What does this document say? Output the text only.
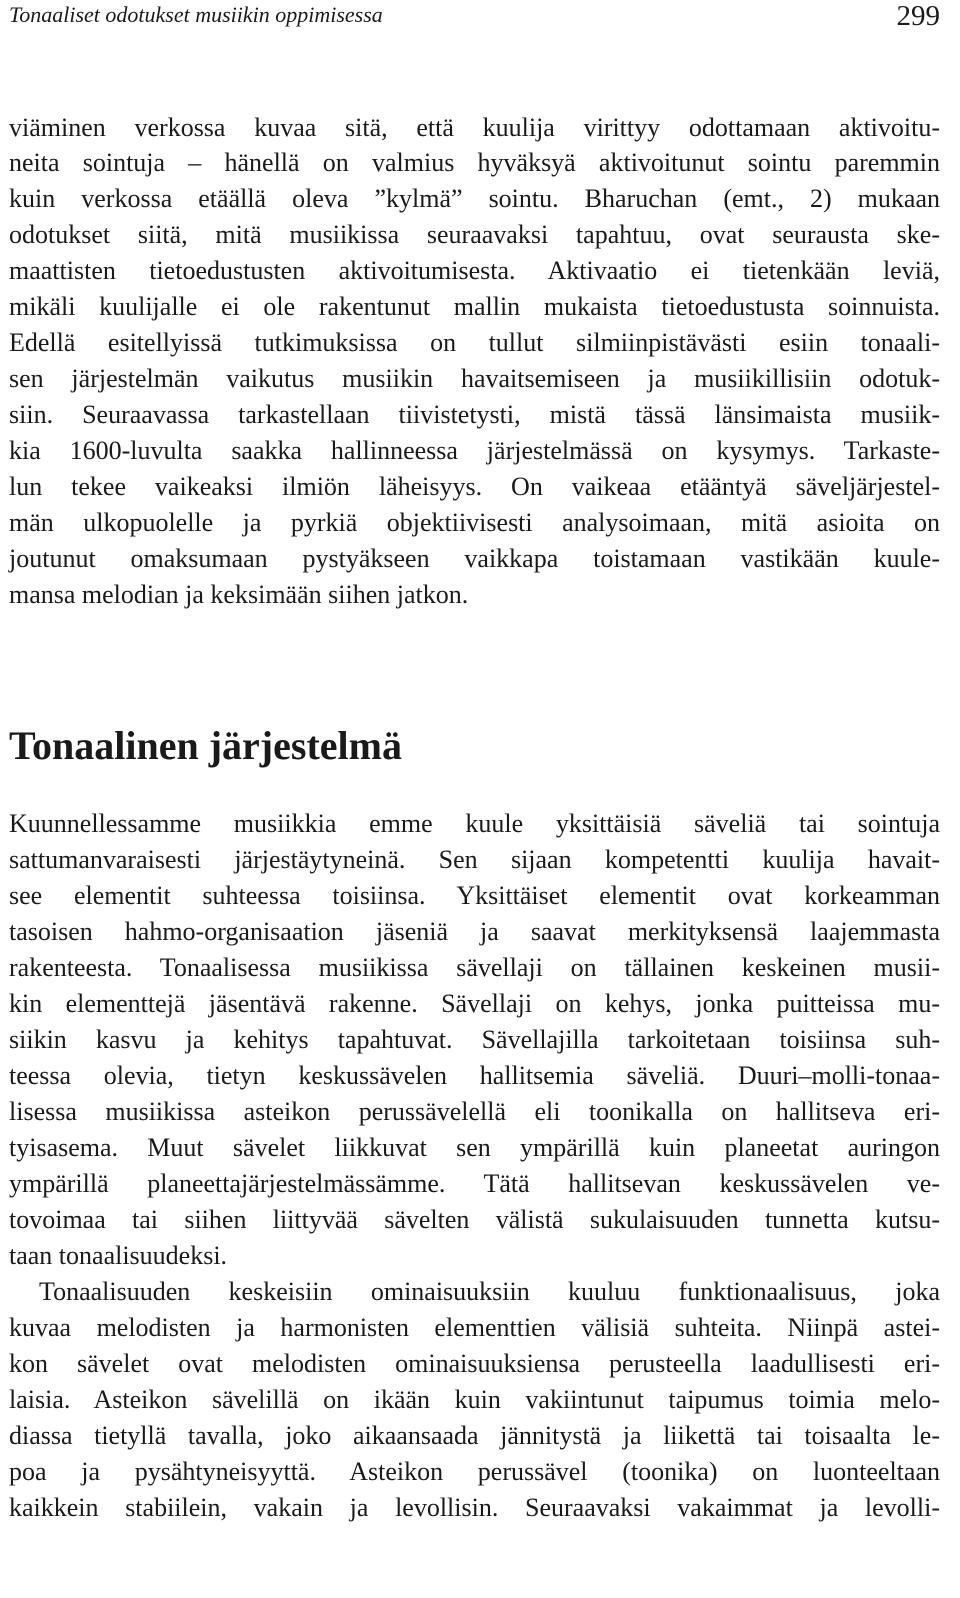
Tonaaliset odotukset musiikin oppimisessa	299
viäminen verkossa kuvaa sitä, että kuulija virittyy odottamaan aktivoitu-
neita sointuja – hänellä on valmius hyväksyä aktivoitunut sointu paremmin
kuin verkossa etäällä oleva ”kylmä” sointu. Bharuchan (emt., 2) mukaan
odotukset siitä, mitä musiikissa seuraavaksi tapahtuu, ovat seurausta ske-
maattisten tietoedustusten aktivoitumisesta. Aktivaatio ei tietenkään leviä,
mikäli kuulijalle ei ole rakentunut mallin mukaista tietoedustusta soinnuista.
Edellä esitellyissä tutkimuksissa on tullut silmiinpistävästi esiin tonaali-
sen järjestelmän vaikutus musiikin havaitsemiseen ja musiikillisiin odotuk-
siin. Seuraavassa tarkastellaan tiivistetysti, mistä tässä länsimaista musiik-
kia 1600-luvulta saakka hallinneessa järjestelmässä on kysymys. Tarkaste-
lun tekee vaikeaksi ilmiön läheisyys. On vaikeaa etääntyä säveljärjestel-
män ulkopuolelle ja pyrkiä objektiivisesti analysoimaan, mitä asioita on
joutunut omaksumaan pystyäkseen vaikkapa toistamaan vastikään kuule-
mansa melodian ja keksimään siihen jatkon.
Tonaalinen järjestelmä
Kuunnellessamme musiikkia emme kuule yksittäisiä säveliä tai sointuja
sattumanvaraisesti järjestäytyneinä. Sen sijaan kompetentti kuulija havait-
see elementit suhteessa toisiinsa. Yksittäiset elementit ovat korkeamman
tasoisen hahmo-organisaation jäseniä ja saavat merkityksensä laajemmasta
rakenteesta. Tonaalisessa musiikissa sävellaji on tällainen keskeinen musii-
kin elementtejä jäsentävä rakenne. Sävellaji on kehys, jonka puitteissa mu-
siikin kasvu ja kehitys tapahtuvat. Sävellajilla tarkoitetaan toisiinsa suh-
teessa olevia, tietyn keskussävelen hallitsemia säveliä. Duuri–molli-tonaa-
lisessa musiikissa asteikon perussävelellä eli toonikalla on hallitseva eri-
tyisasema. Muut sävelet liikkuvat sen ympärillä kuin planeetat auringon
ympärillä planeettajärjestelmässämme. Tätä hallitsevan keskussävelen ve-
tovoimaa tai siihen liittyvää sävelten välistä sukulaisuuden tunnetta kutsu-
taan tonaalisuudeksi.
Tonaalisuuden keskeisiin ominaisuuksiin kuuluu funktionaalisuus, joka
kuvaa melodisten ja harmonisten elementtien välisiä suhteita. Niinpä astei-
kon sävelet ovat melodisten ominaisuuksiensa perusteella laadullisesti eri-
laisia. Asteikon sävelillä on ikään kuin vakiintunut taipumus toimia melo-
diassa tietyllä tavalla, joko aikaansaada jännitystä ja liikettä tai toisaalta le-
poa ja pysähtyneisyyttä. Asteikon perussävel (toonika) on luonteeltaan
kaikkein stabiilein, vakain ja levollisin. Seuraavaksi vakaimmat ja levolli-
